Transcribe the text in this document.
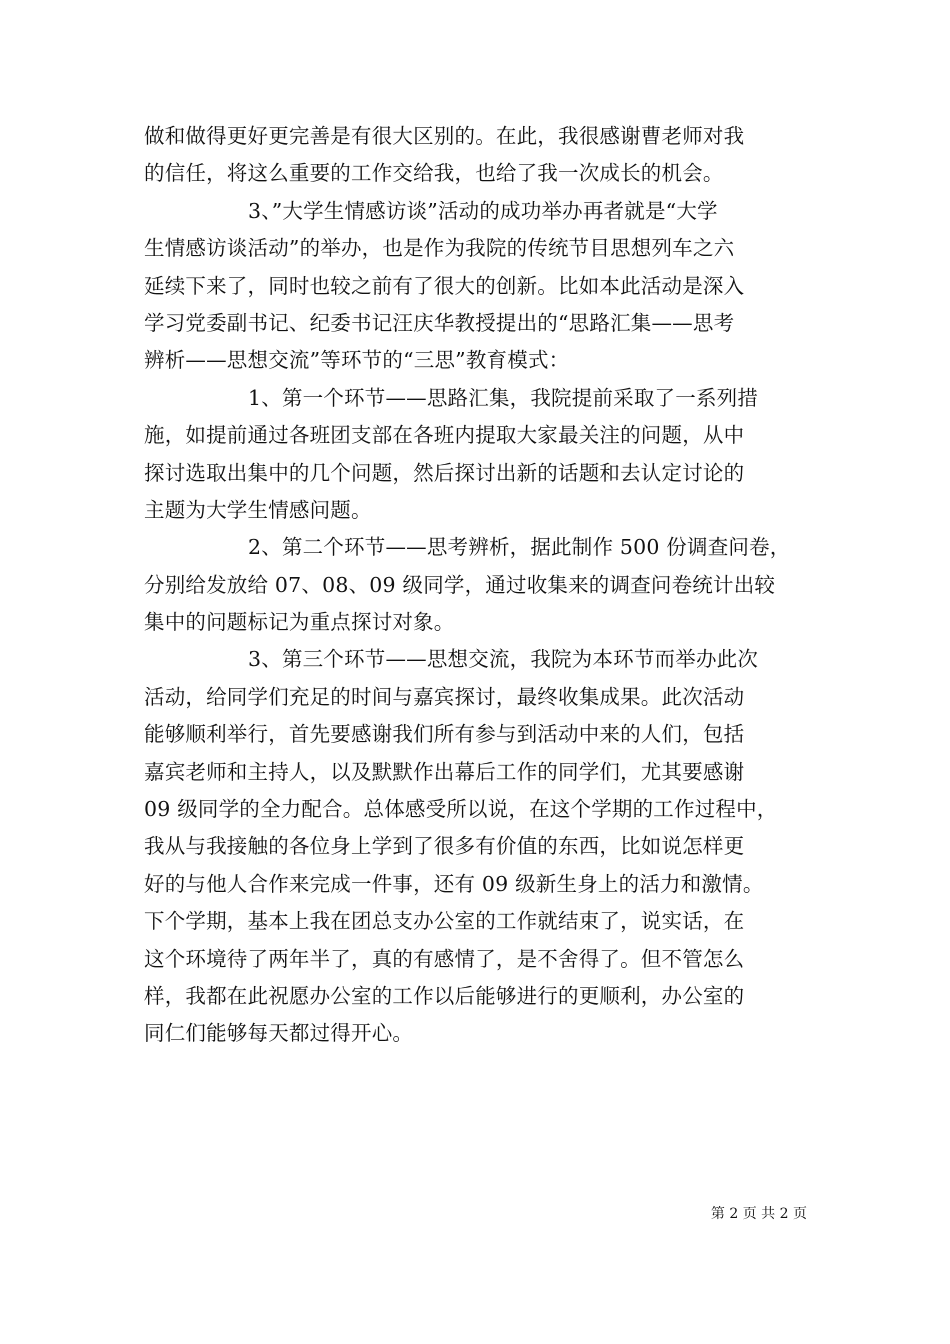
做和做得更好更完善是有很大区别的。在此，我很感谢曹老师对我
的信任，将这么重要的工作交给我，也给了我一次成长的机会。
3、”大学生情感访谈”活动的成功举办再者就是“大学
生情感访谈活动”的举办，也是作为我院的传统节目思想列车之六
延续下来了，同时也较之前有了很大的创新。比如本此活动是深入
学习党委副书记、纪委书记汪庆华教授提出的“思路汇集——思考
辨析——思想交流”等环节的“三思”教育模式：
1、第一个环节——思路汇集，我院提前采取了一系列措
施，如提前通过各班团支部在各班内提取大家最关注的问题，从中
探讨选取出集中的几个问题，然后探讨出新的话题和去认定讨论的
主题为大学生情感问题。
2、第二个环节——思考辨析，据此制作 500 份调查问卷，
分别给发放给 07、08、09 级同学，通过收集来的调查问卷统计出较
集中的问题标记为重点探讨对象。
3、第三个环节——思想交流，我院为本环节而举办此次
活动，给同学们充足的时间与嘉宾探讨，最终收集成果。此次活动
能够顺利举行，首先要感谢我们所有参与到活动中来的人们，包括
嘉宾老师和主持人，以及默默作出幕后工作的同学们，尤其要感谢
09 级同学的全力配合。总体感受所以说，在这个学期的工作过程中，
我从与我接触的各位身上学到了很多有价值的东西，比如说怎样更
好的与他人合作来完成一件事，还有 09 级新生身上的活力和激情。
下个学期，基本上我在团总支办公室的工作就结束了，说实话，在
这个环境待了两年半了，真的有感情了，是不舍得了。但不管怎么
样，我都在此祝愿办公室的工作以后能够进行的更顺利，办公室的
同仁们能够每天都过得开心。
第 2 页 共 2 页
